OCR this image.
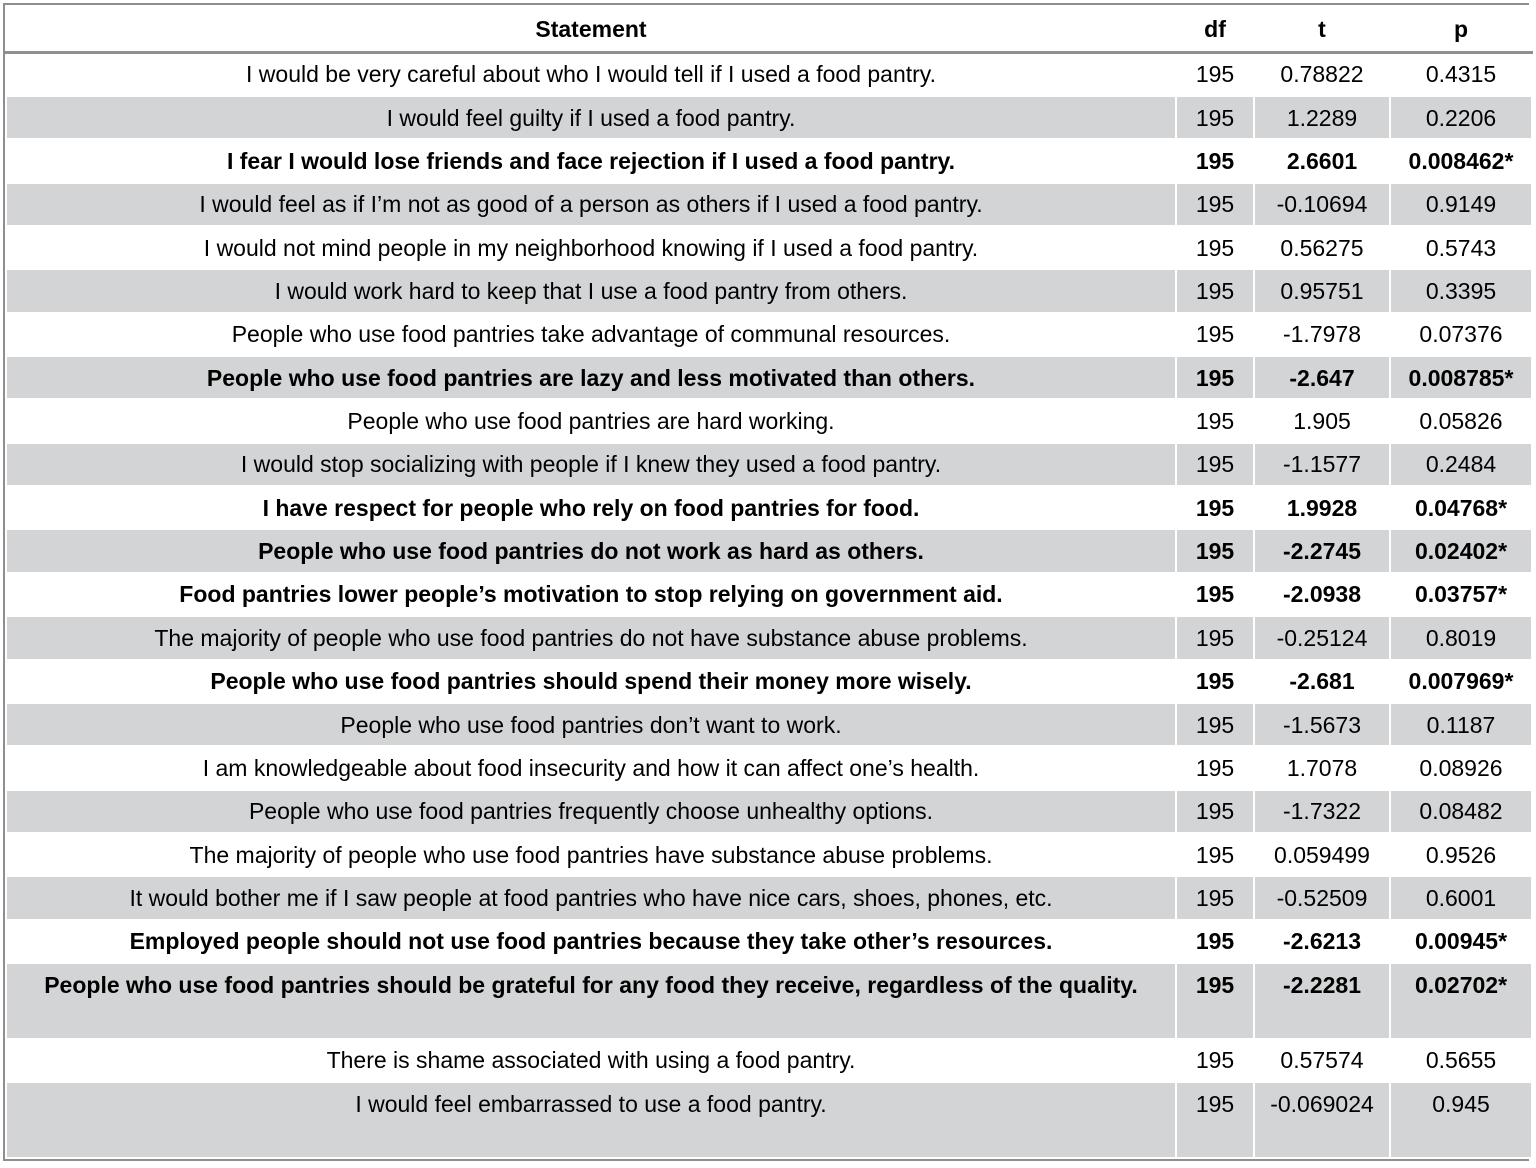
Statement	df	t	p
I would be very careful about who I would tell if I used a food pantry.	195	0.78822	0.4315
I would feel guilty if I used a food pantry.	195	1.2289	0.2206
I fear I would lose friends and face rejection if I used a food pantry.	195	2.6601	0.008462*
I would feel as if I’m not as good of a person as others if I used a food pantry.	195	-0.10694	0.9149
I would not mind people in my neighborhood knowing if I used a food pantry.	195	0.56275	0.5743
I would work hard to keep that I use a food pantry from others.	195	0.95751	0.3395
People who use food pantries take advantage of communal resources.	195	-1.7978	0.07376
People who use food pantries are lazy and less motivated than others.	195	-2.647	0.008785*
People who use food pantries are hard working.	195	1.905	0.05826
I would stop socializing with people if I knew they used a food pantry.	195	-1.1577	0.2484
I have respect for people who rely on food pantries for food.	195	1.9928	0.04768*
People who use food pantries do not work as hard as others.	195	-2.2745	0.02402*
Food pantries lower people’s motivation to stop relying on government aid.	195	-2.0938	0.03757*
The majority of people who use food pantries do not have substance abuse problems.	195	-0.25124	0.8019
People who use food pantries should spend their money more wisely.	195	-2.681	0.007969*
People who use food pantries don’t want to work.	195	-1.5673	0.1187
I am knowledgeable about food insecurity and how it can affect one’s health.	195	1.7078	0.08926
People who use food pantries frequently choose unhealthy options.	195	-1.7322	0.08482
The majority of people who use food pantries have substance abuse problems.	195	0.059499	0.9526
It would bother me if I saw people at food pantries who have nice cars, shoes, phones, etc.	195	-0.52509	0.6001
Employed people should not use food pantries because they take other’s resources.	195	-2.6213	0.00945*
People who use food pantries should be grateful for any food they receive, regardless of the quality.	195	-2.2281	0.02702*
There is shame associated with using a food pantry.	195	0.57574	0.5655
I would feel embarrassed to use a food pantry.	195	-0.069024	0.945
